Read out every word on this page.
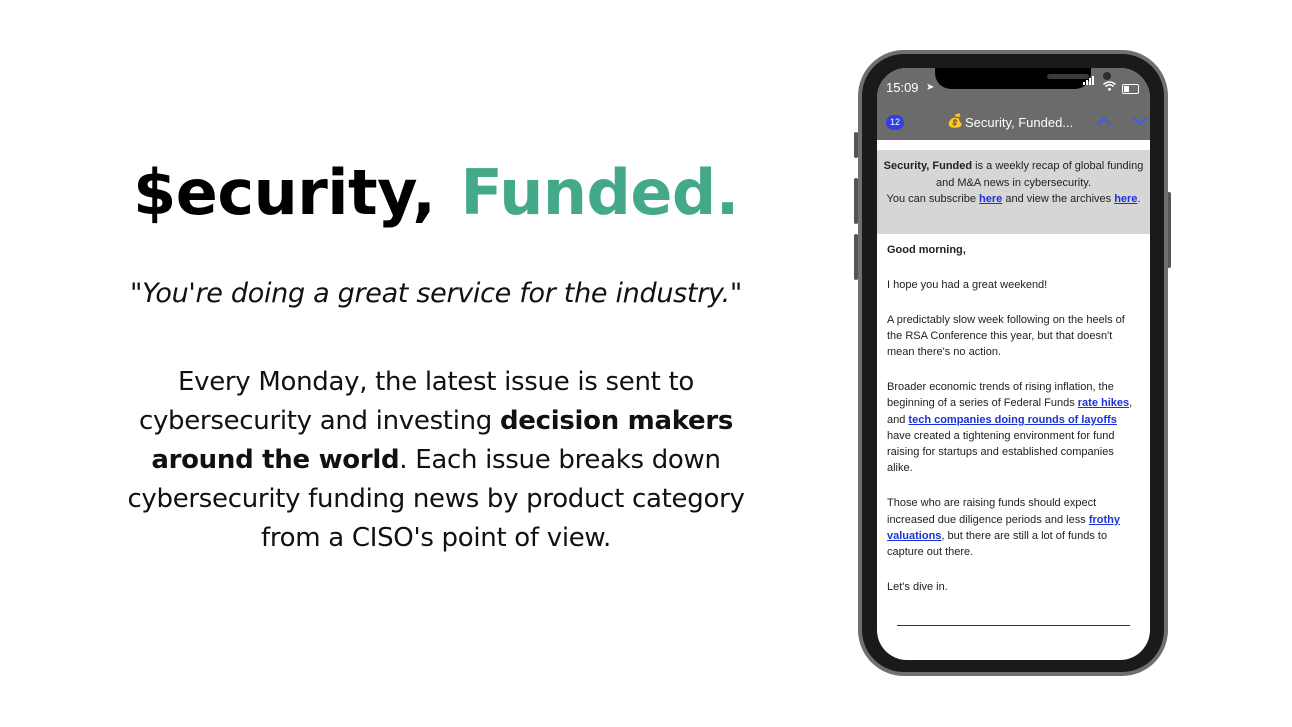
$ecurity, Funded.
"You're doing a great service for the industry."
Every Monday, the latest issue is sent to cybersecurity and investing decision makers around the world. Each issue breaks down cybersecurity funding news by product category from a CISO's point of view.
15:09 ➤
12	💰 Security, Funded...
Security, Funded is a weekly recap of global funding and M&A news in cybersecurity.
You can subscribe here and view the archives here.

Good morning,

I hope you had a great weekend!

A predictably slow week following on the heels of the RSA Conference this year, but that doesn't mean there's no action.

Broader economic trends of rising inflation, the beginning of a series of Federal Funds rate hikes, and tech companies doing rounds of layoffs have created a tightening environment for fund raising for startups and established companies alike.

Those who are raising funds should expect increased due diligence periods and less frothy valuations, but there are still a lot of funds to capture out there.

Let's dive in.
